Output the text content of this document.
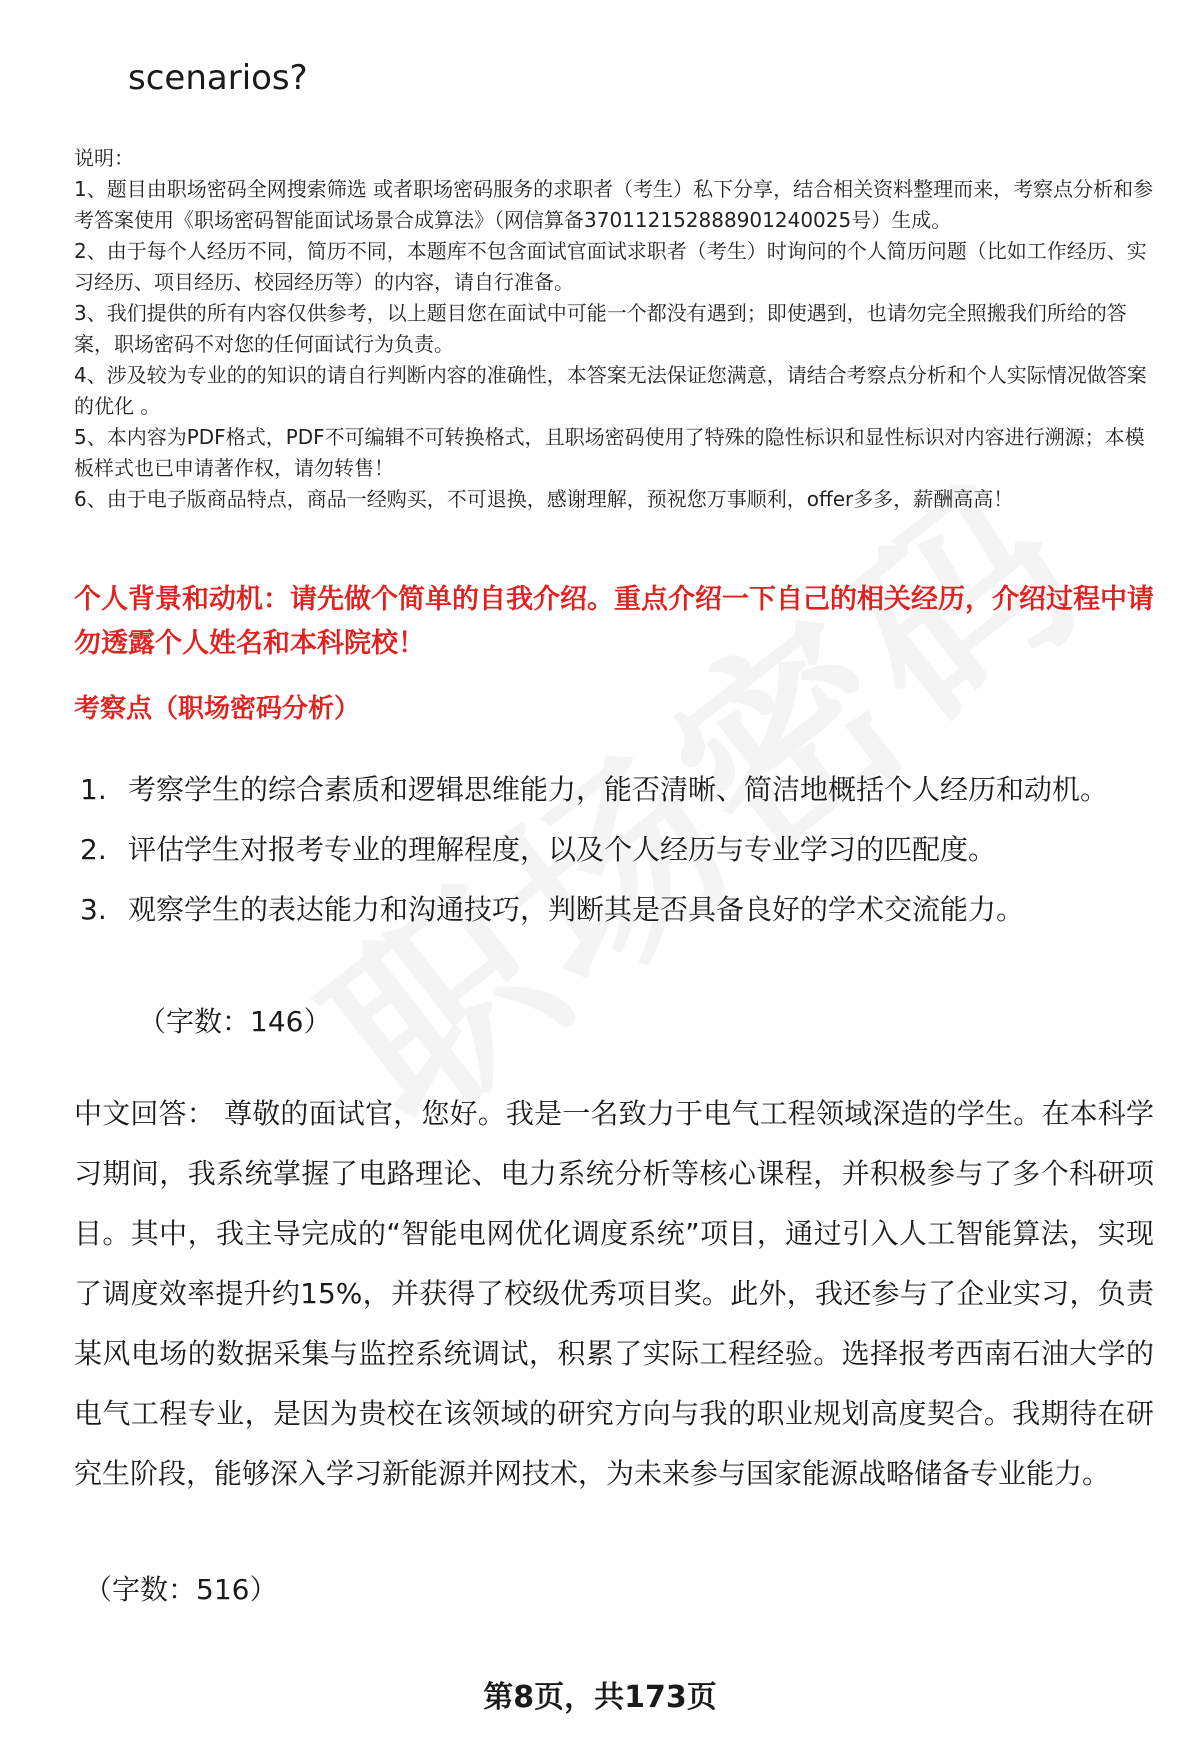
scenarios?

说明：

1、题目由职场密码全网搜索筛选 或者职场密码服务的求职者（考生）私下分享，结合相关资料整理而来，考察点分析和参考答案使用《职场密码智能面试场景合成算法》（网信算备370112152888901240025号）生成。

2、由于每个人经历不同，简历不同，本题库不包含面试官面试求职者（考生）时询问的个人简历问题（比如工作经历、实习经历、项目经历、校园经历等）的内容，请自行准备。

3、我们提供的所有内容仅供参考，以上题目您在面试中可能一个都没有遇到；即使遇到，也请勿完全照搬我们所给的答案，职场密码不对您的任何面试行为负责。

4、涉及较为专业的的知识的请自行判断内容的准确性，本答案无法保证您满意，请结合考察点分析和个人实际情况做答案的优化 。

5、本内容为PDF格式，PDF不可编辑不可转换格式，且职场密码使用了特殊的隐性标识和显性标识对内容进行溯源；本模板样式也已申请著作权，请勿转售！

6、由于电子版商品特点，商品一经购买，不可退换，感谢理解，预祝您万事顺利，offer多多，薪酬高高！

个人背景和动机：请先做个简单的自我介绍。重点介绍一下自己的相关经历，介绍过程中请勿透露个人姓名和本科院校！
考察点（职场密码分析）
1. 考察学生的综合素质和逻辑思维能力，能否清晰、简洁地概括个人经历和动机。
2. 评估学生对报考专业的理解程度，以及个人经历与专业学习的匹配度。
3. 观察学生的表达能力和沟通技巧，判断其是否具备良好的学术交流能力。
（字数：146）
中文回答： 尊敬的面试官，您好。我是一名致力于电气工程领域深造的学生。在本科学习期间，我系统掌握了电路理论、电力系统分析等核心课程，并积极参与了多个科研项目。其中，我主导完成的“智能电网优化调度系统”项目，通过引入人工智能算法，实现了调度效率提升约15%，并获得了校级优秀项目奖。此外，我还参与了企业实习，负责某风电场的数据采集与监控系统调试，积累了实际工程经验。选择报考西南石油大学的电气工程专业，是因为贵校在该领域的研究方向与我的职业规划高度契合。我期待在研究生阶段，能够深入学习新能源并网技术，为未来参与国家能源战略储备专业能力。
（字数：516）
第8页，共173页
